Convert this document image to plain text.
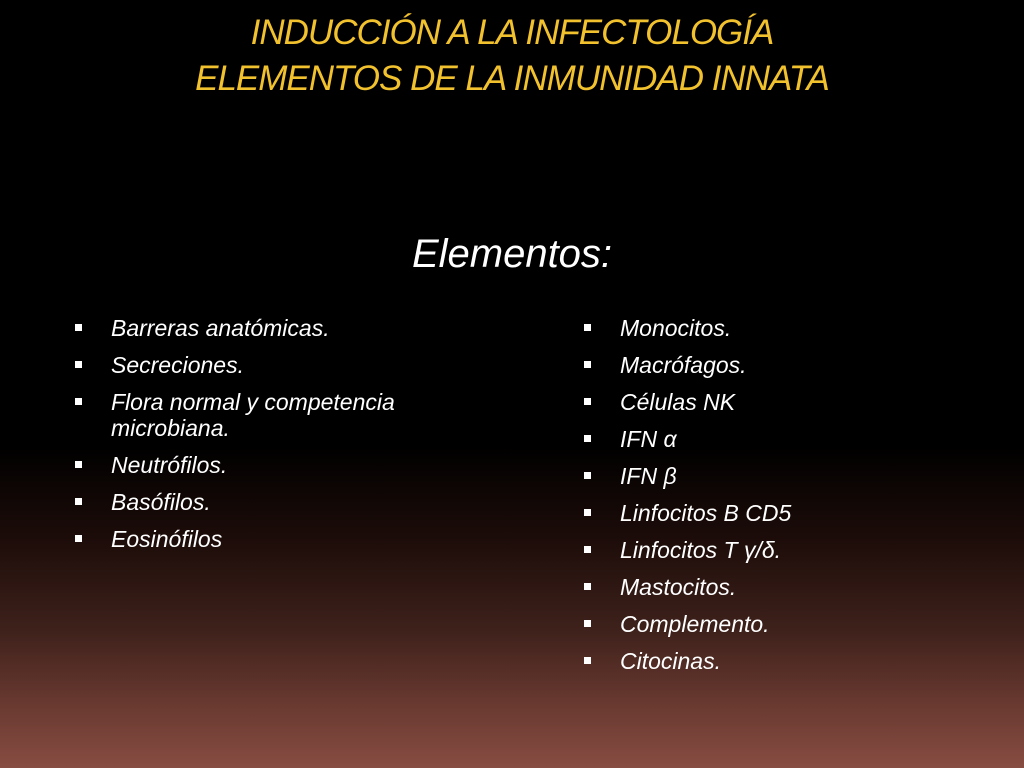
INDUCCIÓN A LA INFECTOLOGÍA
ELEMENTOS DE LA INMUNIDAD INNATA
Elementos:
Barreras anatómicas.
Secreciones.
Flora normal y competencia microbiana.
Neutrófilos.
Basófilos.
Eosinófilos
Monocitos.
Macrófagos.
Células NK
IFN α
IFN β
Linfocitos B CD5
Linfocitos T γ/δ.
Mastocitos.
Complemento.
Citocinas.
